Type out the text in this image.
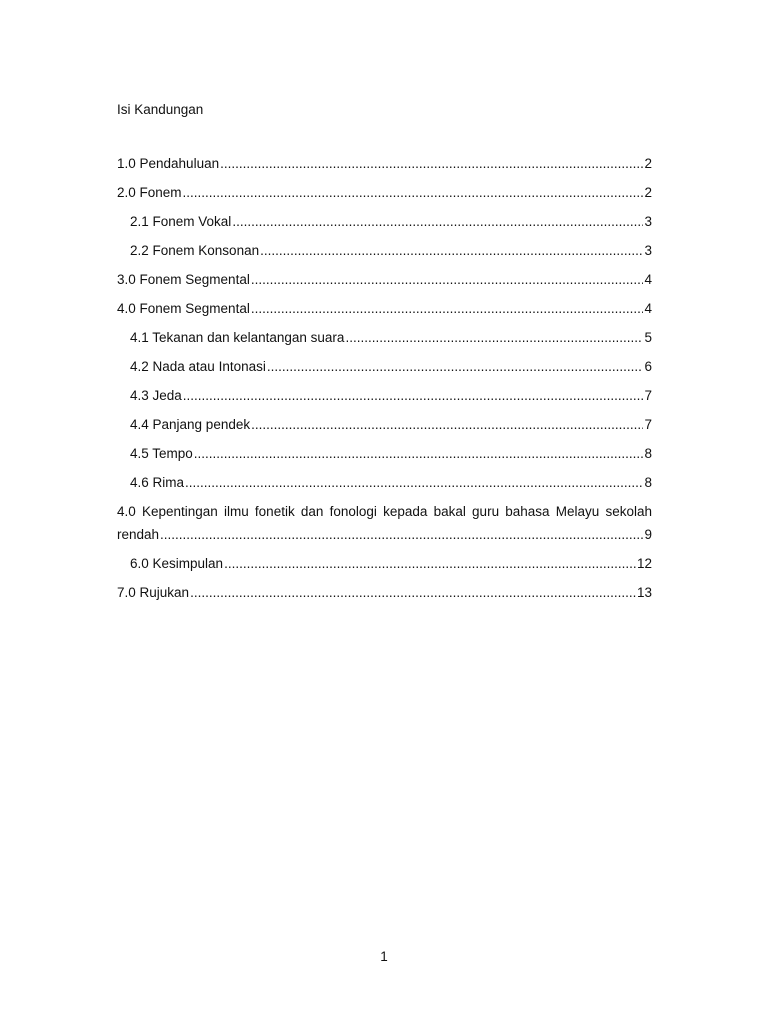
Isi Kandungan
1.0 Pendahuluan .....	2
2.0 Fonem .....	2
2.1 Fonem Vokal .....	3
2.2 Fonem Konsonan .....	3
3.0 Fonem Segmental .....	4
4.0 Fonem Segmental .....	4
4.1 Tekanan dan kelantangan suara .....	5
4.2 Nada atau Intonasi .....	6
4.3 Jeda .....	7
4.4 Panjang pendek .....	7
4.5 Tempo .....	8
4.6 Rima .....	8
4.0 Kepentingan ilmu fonetik dan fonologi kepada bakal guru bahasa Melayu sekolah
rendah .....	9
6.0 Kesimpulan .....	12
7.0 Rujukan .....	13
1
